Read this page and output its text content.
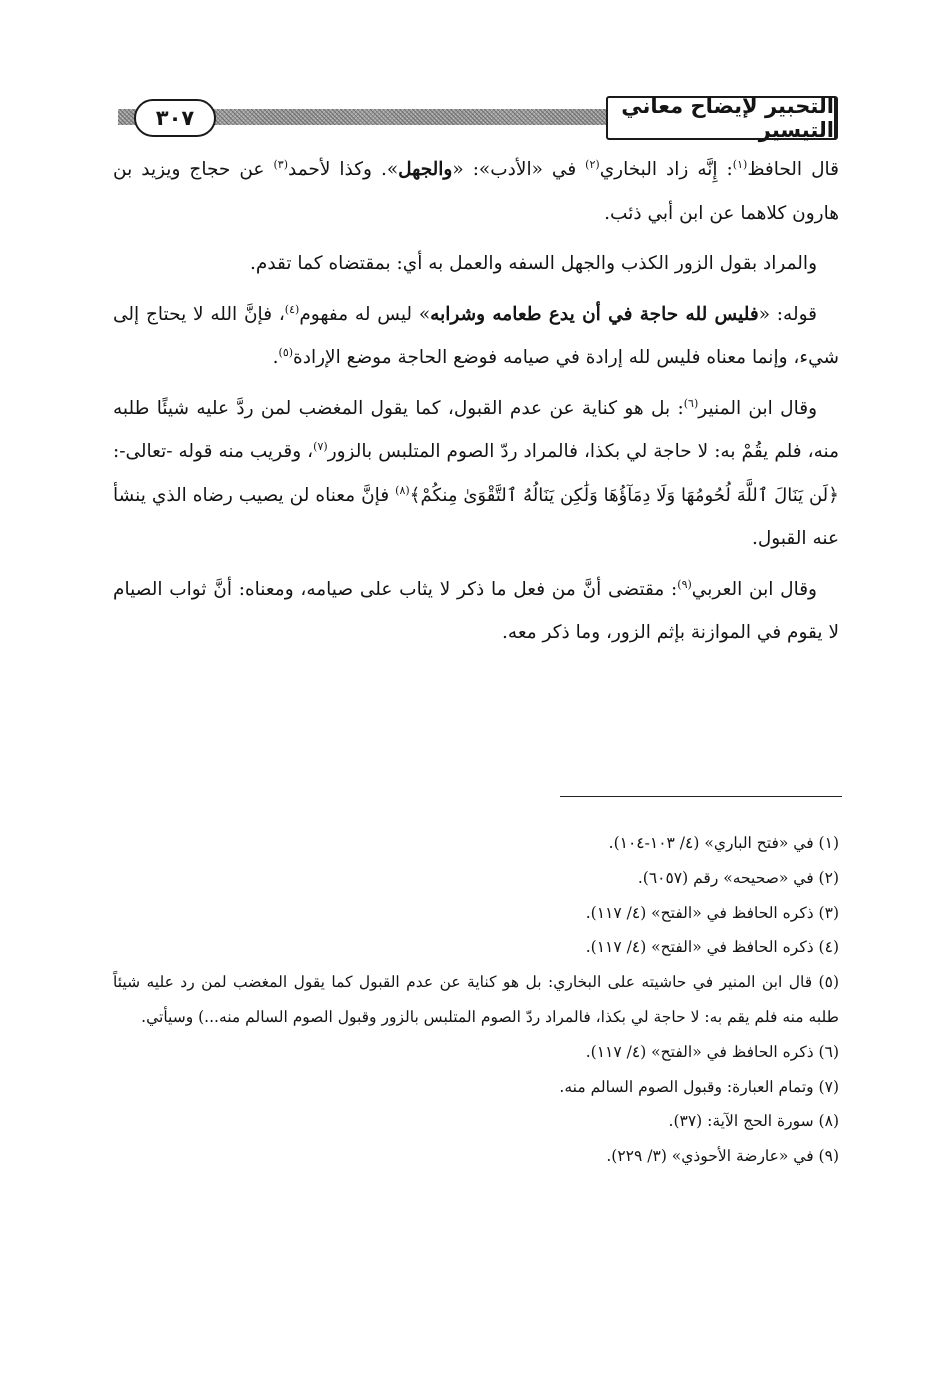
٣٠٧	التحبير لإيضاح معاني التيسير

قال الحافظ$^{(١)}$: إِنَّه زاد البخاري$^{(٢)}$ في «الأدب»: «والجهل». وكذا لأحمد$^{(٣)}$ عن حجاج ويزيد بن هارون كلاهما عن ابن أبي ذئب.

والمراد بقول الزور الكذب والجهل السفه والعمل به أي: بمقتضاه كما تقدم.

قوله: «فليس لله حاجة في أن يدع طعامه وشرابه» ليس له مفهوم$^{(٤)}$، فإنَّ الله لا يحتاج إلى شيء، وإنما معناه فليس لله إرادة في صيامه فوضع الحاجة موضع الإرادة$^{(٥)}$.

وقال ابن المنير$^{(٦)}$: بل هو كناية عن عدم القبول، كما يقول المغضب لمن ردَّ عليه شيئًا طلبه منه، فلم يقُمْ به: لا حاجة لي بكذا، فالمراد ردّ الصوم المتلبس بالزور$^{(٧)}$، وقريب منه قوله -تعالى-: ﴿لَن يَنَالَ ٱللَّهَ لُحُومُهَا وَلَا دِمَآؤُهَا وَلَٰكِن يَنَالُهُ ٱلتَّقْوَىٰ مِنكُمْ﴾$^{(٨)}$ فإنَّ معناه لن يصيب رضاه الذي ينشأ عنه القبول.

وقال ابن العربي$^{(٩)}$: مقتضى أنَّ من فعل ما ذكر لا يثاب على صيامه، ومعناه: أنَّ ثواب الصيام لا يقوم في الموازنة بإثم الزور، وما ذكر معه.

(١) في «فتح الباري» (٤/ ١٠٣-١٠٤).

(٢) في «صحيحه» رقم (٦٠٥٧).

(٣) ذكره الحافظ في «الفتح» (٤/ ١١٧).

(٤) ذكره الحافظ في «الفتح» (٤/ ١١٧).

(٥) قال ابن المنير في حاشيته على البخاري: بل هو كناية عن عدم القبول كما يقول المغضب لمن رد عليه شيئاً طلبه منه فلم يقم به: لا حاجة لي بكذا، فالمراد ردّ الصوم المتلبس بالزور وقبول الصوم السالم منه...) وسيأتي.

(٦) ذكره الحافظ في «الفتح» (٤/ ١١٧).

(٧) وتمام العبارة: وقبول الصوم السالم منه.

(٨) سورة الحج الآية: (٣٧).

(٩) في «عارضة الأحوذي» (٣/ ٢٢٩).
